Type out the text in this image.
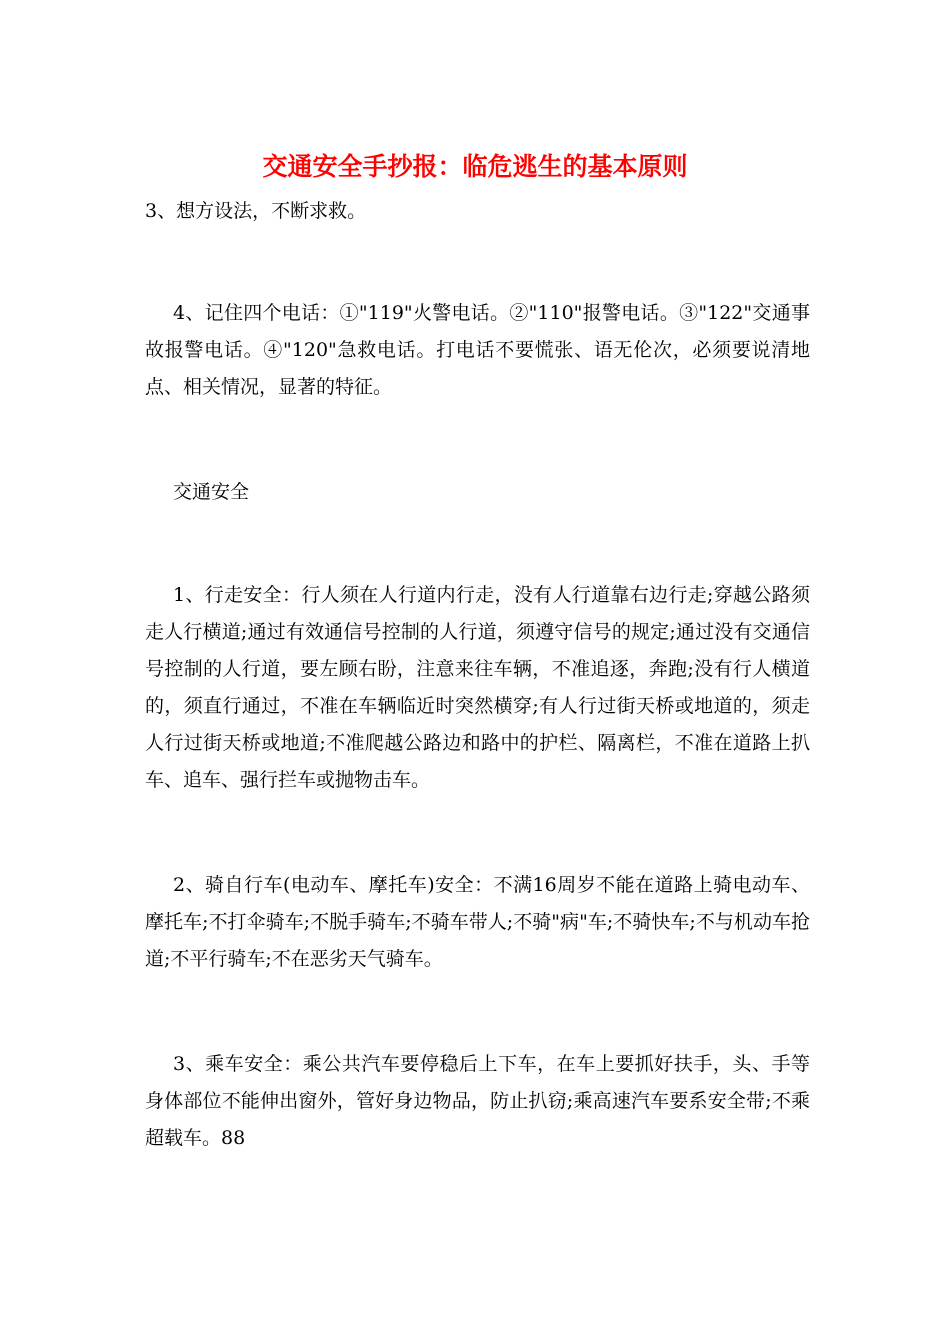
交通安全手抄报：临危逃生的基本原则

3、想方设法，不断求救。

4、记住四个电话：①"119"火警电话。②"110"报警电话。③"122"交通事故报警电话。④"120"急救电话。打电话不要慌张、语无伦次，必须要说清地点、相关情况，显著的特征。

交通安全

1、行走安全：行人须在人行道内行走，没有人行道靠右边行走;穿越公路须走人行横道;通过有效通信号控制的人行道，须遵守信号的规定;通过没有交通信号控制的人行道，要左顾右盼，注意来往车辆，不准追逐，奔跑;没有行人横道的，须直行通过，不准在车辆临近时突然横穿;有人行过街天桥或地道的，须走人行过街天桥或地道;不准爬越公路边和路中的护栏、隔离栏，不准在道路上扒车、追车、强行拦车或抛物击车。

2、骑自行车(电动车、摩托车)安全：不满16周岁不能在道路上骑电动车、摩托车;不打伞骑车;不脱手骑车;不骑车带人;不骑"病"车;不骑快车;不与机动车抢道;不平行骑车;不在恶劣天气骑车。

3、乘车安全：乘公共汽车要停稳后上下车，在车上要抓好扶手，头、手等身体部位不能伸出窗外，管好身边物品，防止扒窃;乘高速汽车要系安全带;不乘超载车。88
